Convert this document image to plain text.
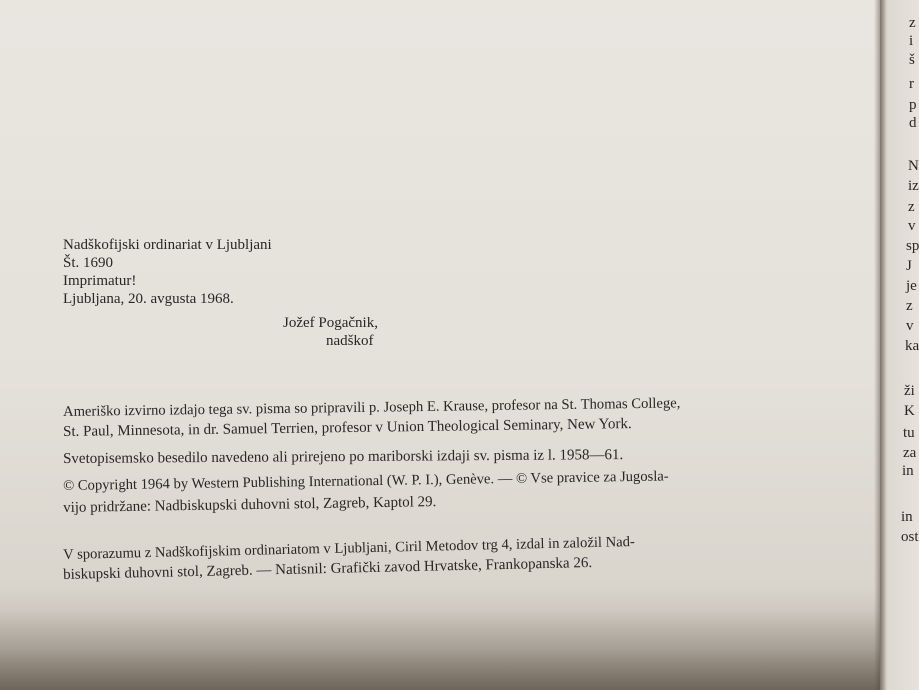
Nadškofijski ordinariat v Ljubljani
Št. 1690
Imprimatur!
Ljubljana, 20. avgusta 1968.
Jožef Pogačnik,
nadškof
Ameriško izvirno izdajo tega sv. pisma so pripravili p. Joseph E. Krause, profesor na St. Thomas College,
St. Paul, Minnesota, in dr. Samuel Terrien, profesor v Union Theological Seminary, New York.
Svetopisemsko besedilo navedeno ali prirejeno po mariborski izdaji sv. pisma iz l. 1958—61.
© Copyright 1964 by Western Publishing International (W. P. I.), Genève. — © Vse pravice za Jugosla-
vijo pridržane: Nadbiskupski duhovni stol, Zagreb, Kaptol 29.
V sporazumu z Nadškofijskim ordinariatom v Ljubljani, Ciril Metodov trg 4, izdal in založil Nad-
biskupski duhovni stol, Zagreb. — Natisnil: Grafički zavod Hrvatske, Frankopanska 26.
z
i
š
r
p
d
N
iz
z
v
sp
J
je
z
v
ka
ži
K
tu
za
in
in
ost
